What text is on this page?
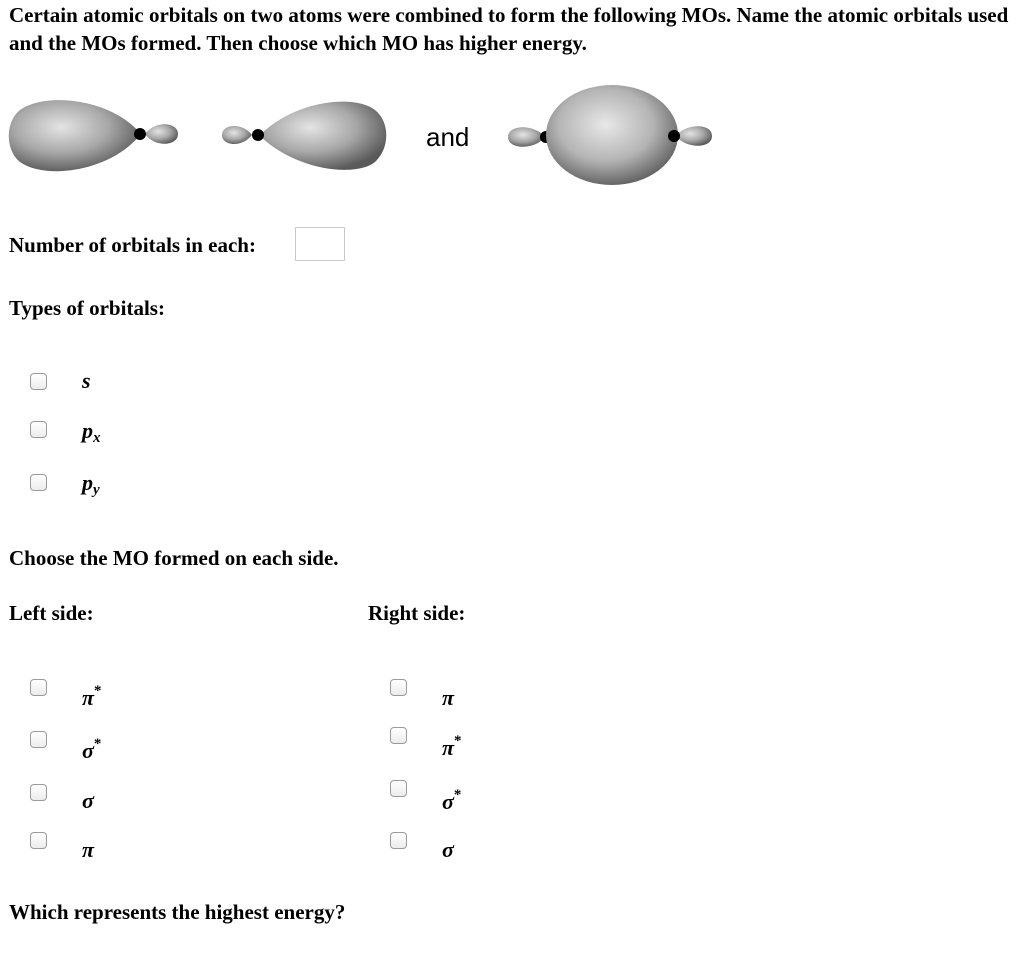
Certain atomic orbitals on two atoms were combined to form the following MOs. Name the atomic orbitals used and the MOs formed. Then choose which MO has higher energy.
and
Number of orbitals in each:
Types of orbitals:
s
$p_x$
$p_y$
Choose the MO formed on each side.
Left side:	Right side:
π*
σ*
σ
π
π
π*
σ*
σ
Which represents the highest energy?
